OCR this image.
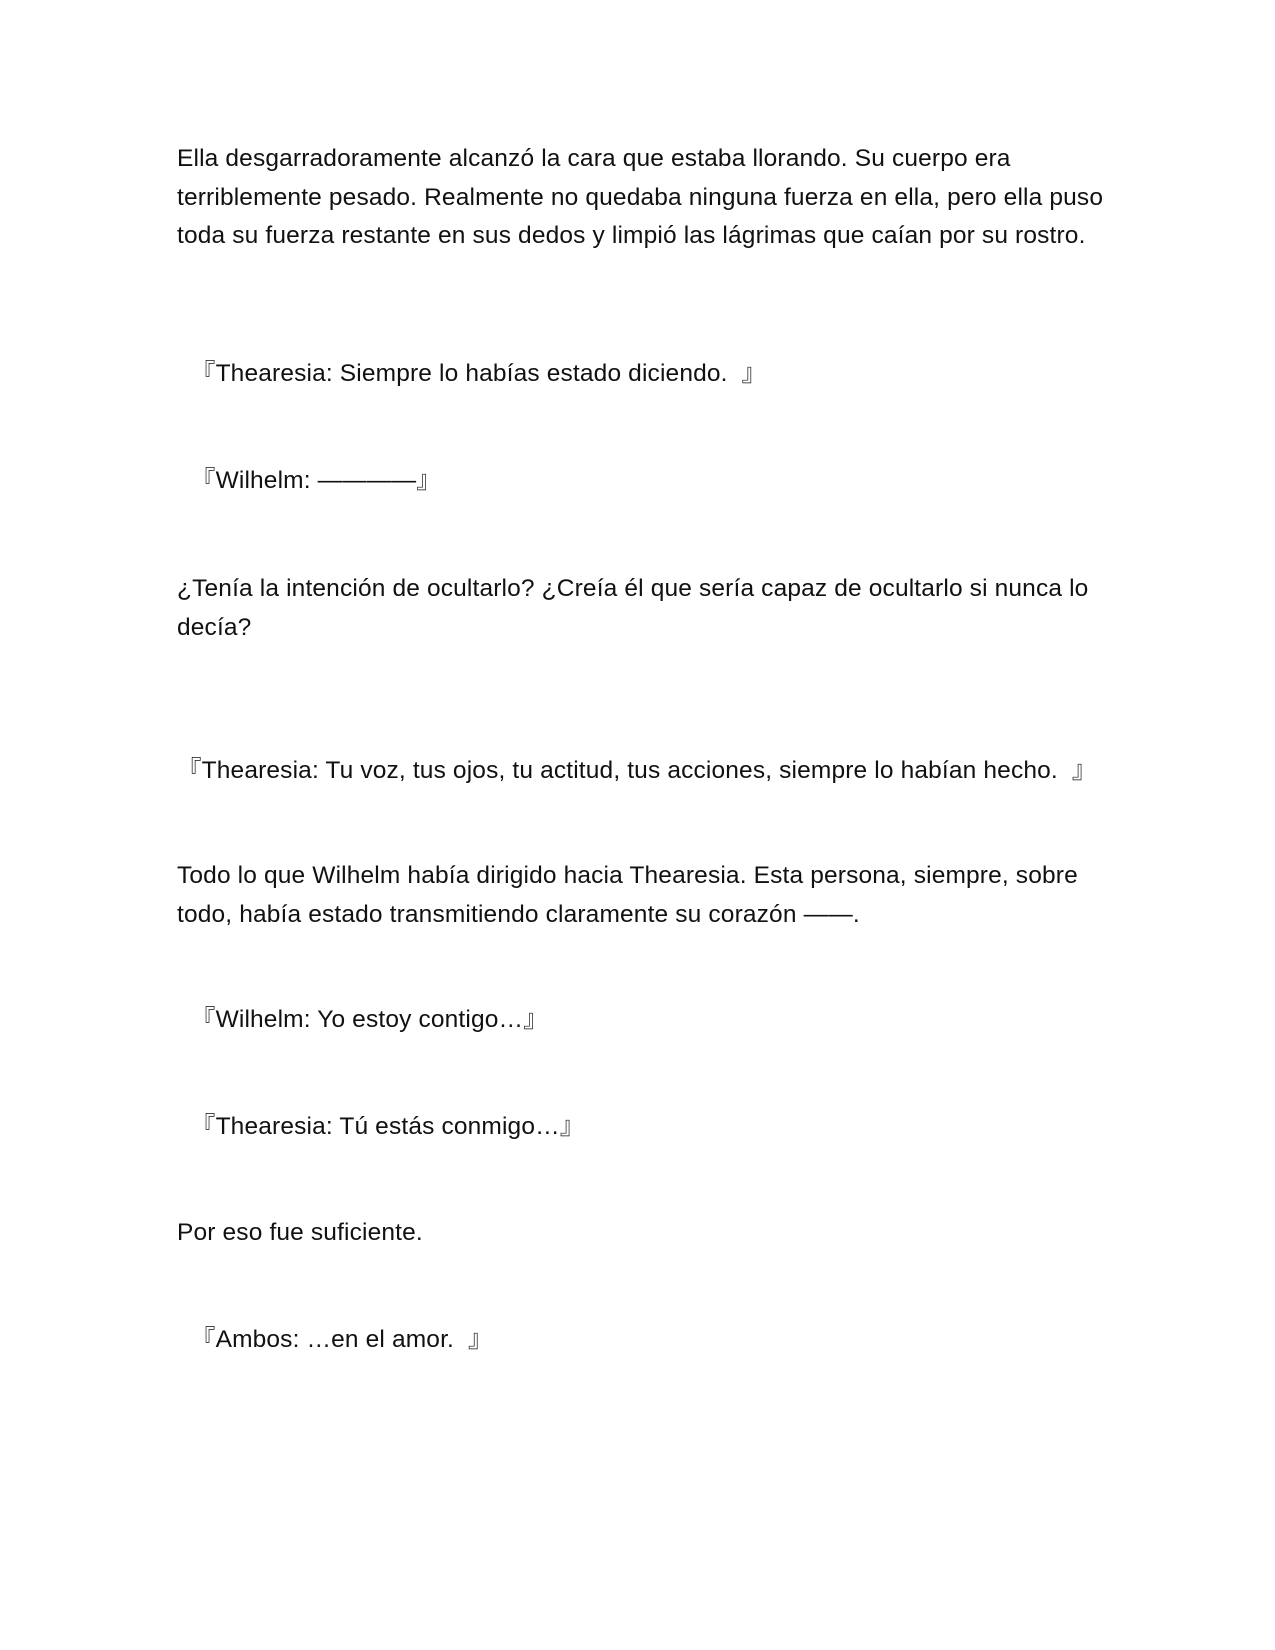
Ella desgarradoramente alcanzó la cara que estaba llorando. Su cuerpo era terriblemente pesado. Realmente no quedaba ninguna fuerza en ella, pero ella puso toda su fuerza restante en sus dedos y limpió las lágrimas que caían por su rostro.

『Thearesia: Siempre lo habías estado diciendo.  』

『Wilhelm: ————』

¿Tenía la intención de ocultarlo? ¿Creía él que sería capaz de ocultarlo si nunca lo decía?

『Thearesia: Tu voz, tus ojos, tu actitud, tus acciones, siempre lo habían hecho.  』

Todo lo que Wilhelm había dirigido hacia Thearesia. Esta persona, siempre, sobre todo, había estado transmitiendo claramente su corazón ——.

『Wilhelm: Yo estoy contigo…』

『Thearesia: Tú estás conmigo…』

Por eso fue suficiente.

『Ambos: …en el amor.  』
